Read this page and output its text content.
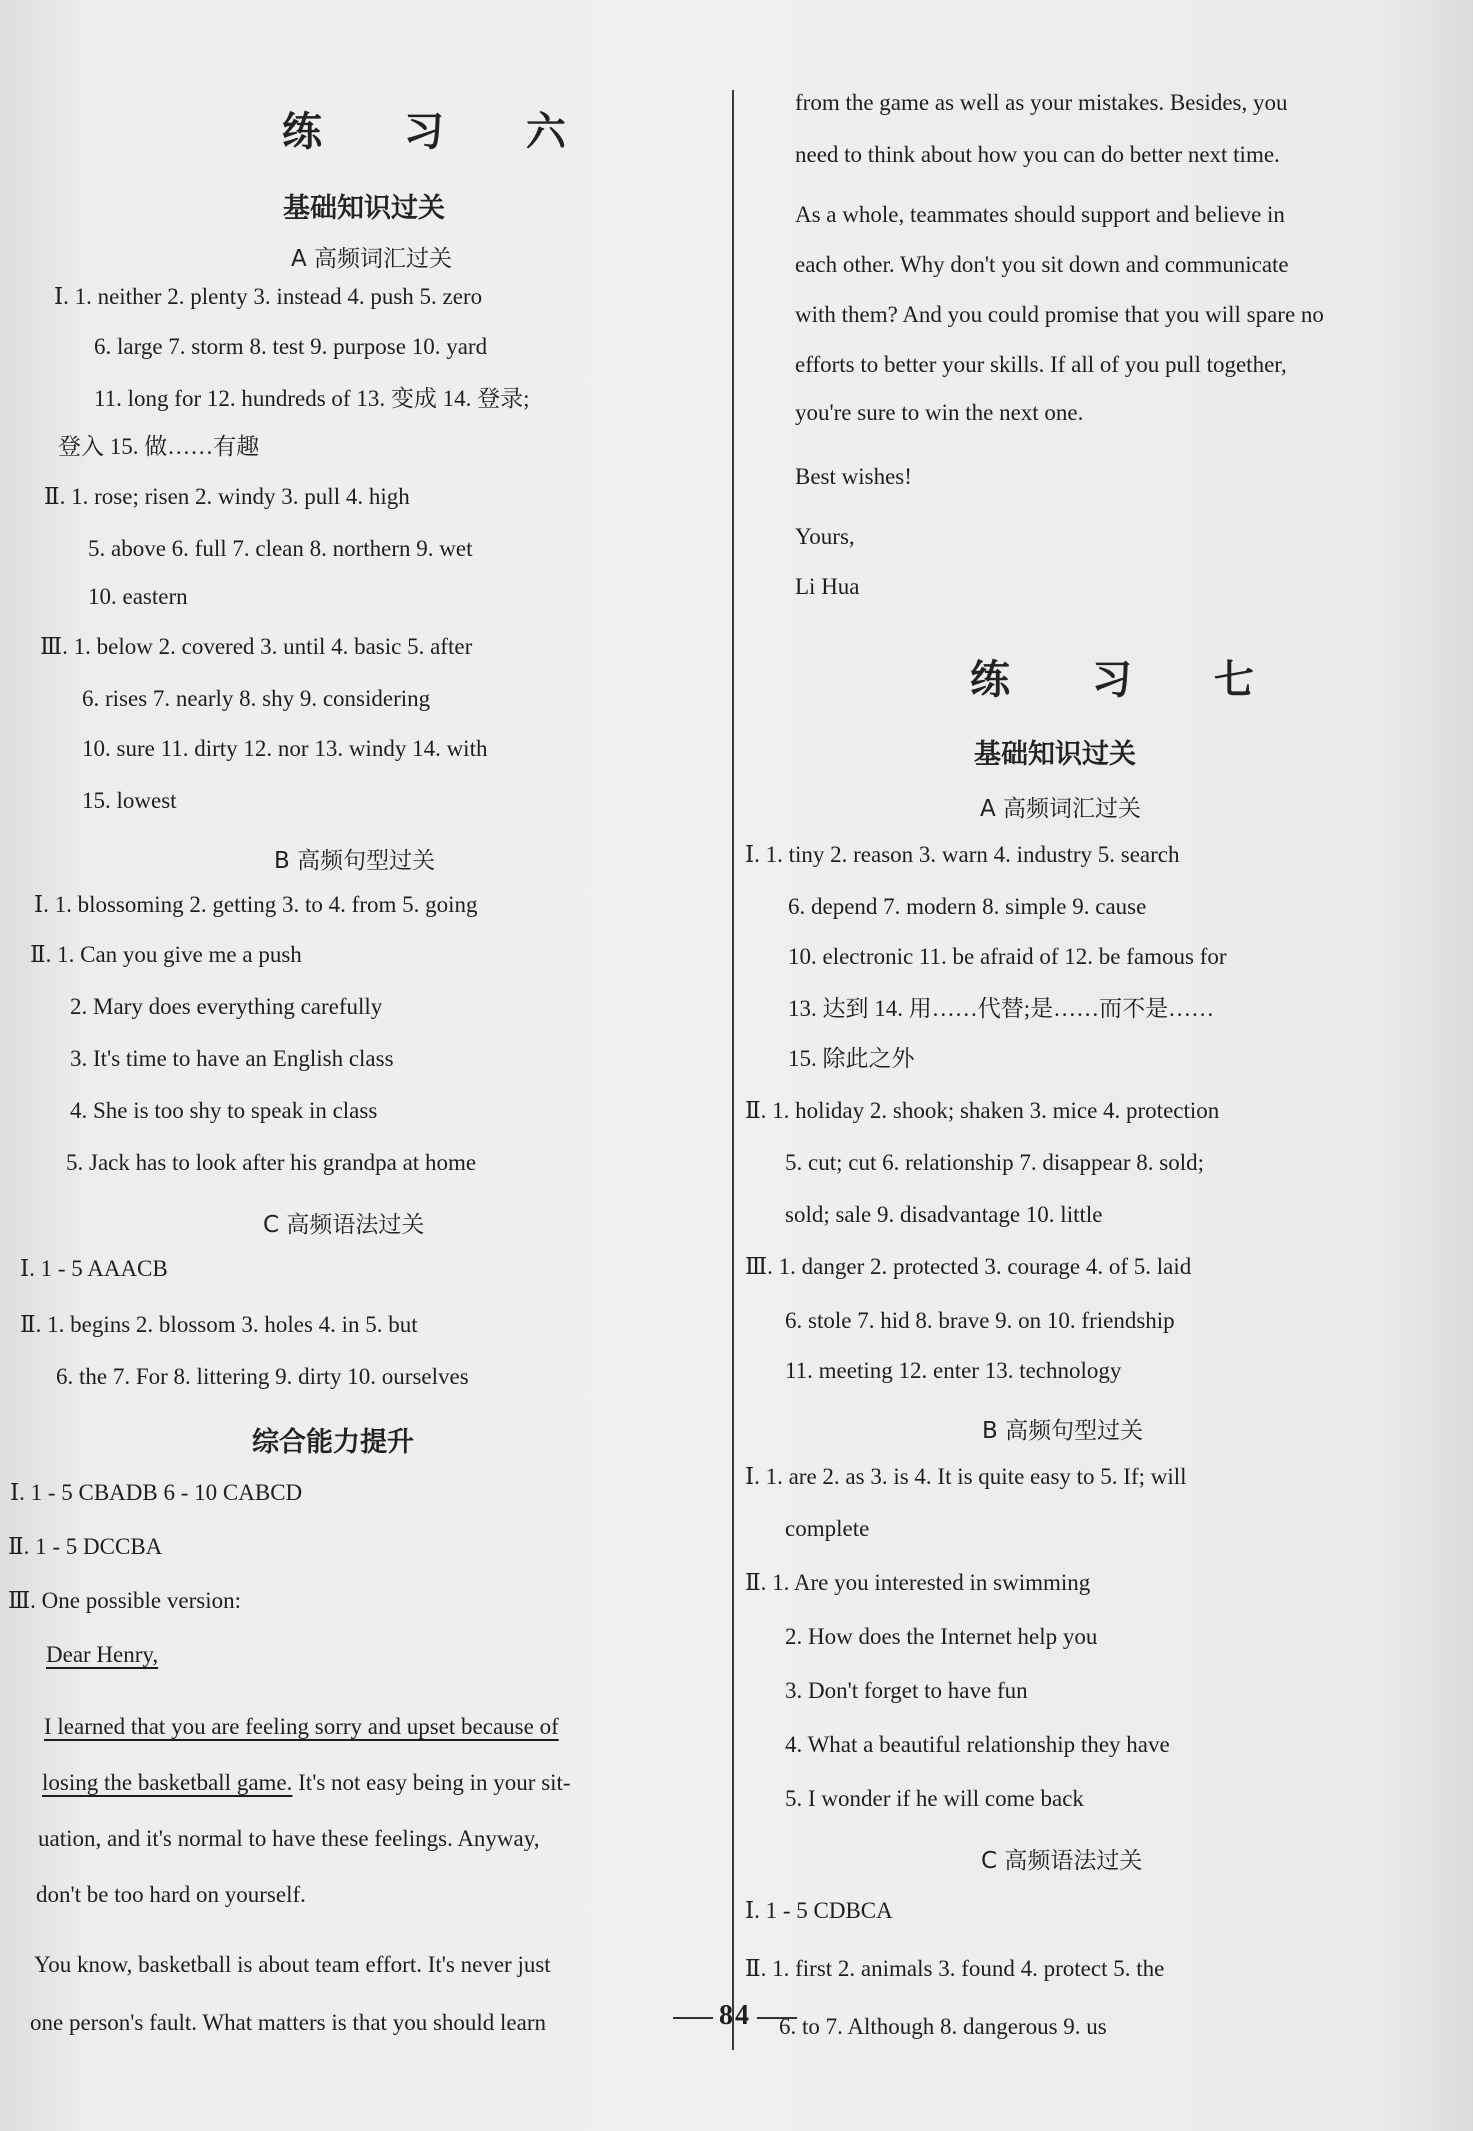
练 习 六
基础知识过关
A 高频词汇过关
Ⅰ. 1. neither 2. plenty 3. instead 4. push 5. zero
6. large 7. storm 8. test 9. purpose 10. yard
11. long for 12. hundreds of 13. 变成 14. 登录;
登入 15. 做……有趣
Ⅱ. 1. rose; risen 2. windy 3. pull 4. high
5. above 6. full 7. clean 8. northern 9. wet
10. eastern
Ⅲ. 1. below 2. covered 3. until 4. basic 5. after
6. rises 7. nearly 8. shy 9. considering
10. sure 11. dirty 12. nor 13. windy 14. with
15. lowest
B 高频句型过关
Ⅰ. 1. blossoming 2. getting 3. to 4. from 5. going
Ⅱ. 1. Can you give me a push
2. Mary does everything carefully
3. It's time to have an English class
4. She is too shy to speak in class
5. Jack has to look after his grandpa at home
C 高频语法过关
Ⅰ. 1 - 5 AAACB
Ⅱ. 1. begins 2. blossom 3. holes 4. in 5. but
6. the 7. For 8. littering 9. dirty 10. ourselves
综合能力提升
Ⅰ. 1 - 5 CBADB 6 - 10 CABCD
Ⅱ. 1 - 5 DCCBA
Ⅲ. One possible version:
Dear Henry,
I learned that you are feeling sorry and upset because of
losing the basketball game. It's not easy being in your sit-
uation, and it's normal to have these feelings. Anyway,
don't be too hard on yourself.
You know, basketball is about team effort. It's never just
one person's fault. What matters is that you should learn
from the game as well as your mistakes. Besides, you
need to think about how you can do better next time.
As a whole, teammates should support and believe in
each other. Why don't you sit down and communicate
with them? And you could promise that you will spare no
efforts to better your skills. If all of you pull together,
you're sure to win the next one.
Best wishes!
Yours,
Li Hua
练 习 七
基础知识过关
A 高频词汇过关
Ⅰ. 1. tiny 2. reason 3. warn 4. industry 5. search
6. depend 7. modern 8. simple 9. cause
10. electronic 11. be afraid of 12. be famous for
13. 达到 14. 用……代替;是……而不是……
15. 除此之外
Ⅱ. 1. holiday 2. shook; shaken 3. mice 4. protection
5. cut; cut 6. relationship 7. disappear 8. sold;
sold; sale 9. disadvantage 10. little
Ⅲ. 1. danger 2. protected 3. courage 4. of 5. laid
6. stole 7. hid 8. brave 9. on 10. friendship
11. meeting 12. enter 13. technology
B 高频句型过关
Ⅰ. 1. are 2. as 3. is 4. It is quite easy to 5. If; will
complete
Ⅱ. 1. Are you interested in swimming
2. How does the Internet help you
3. Don't forget to have fun
4. What a beautiful relationship they have
5. I wonder if he will come back
C 高频语法过关
Ⅰ. 1 - 5 CDBCA
Ⅱ. 1. first 2. animals 3. found 4. protect 5. the
6. to 7. Although 8. dangerous 9. us
84
